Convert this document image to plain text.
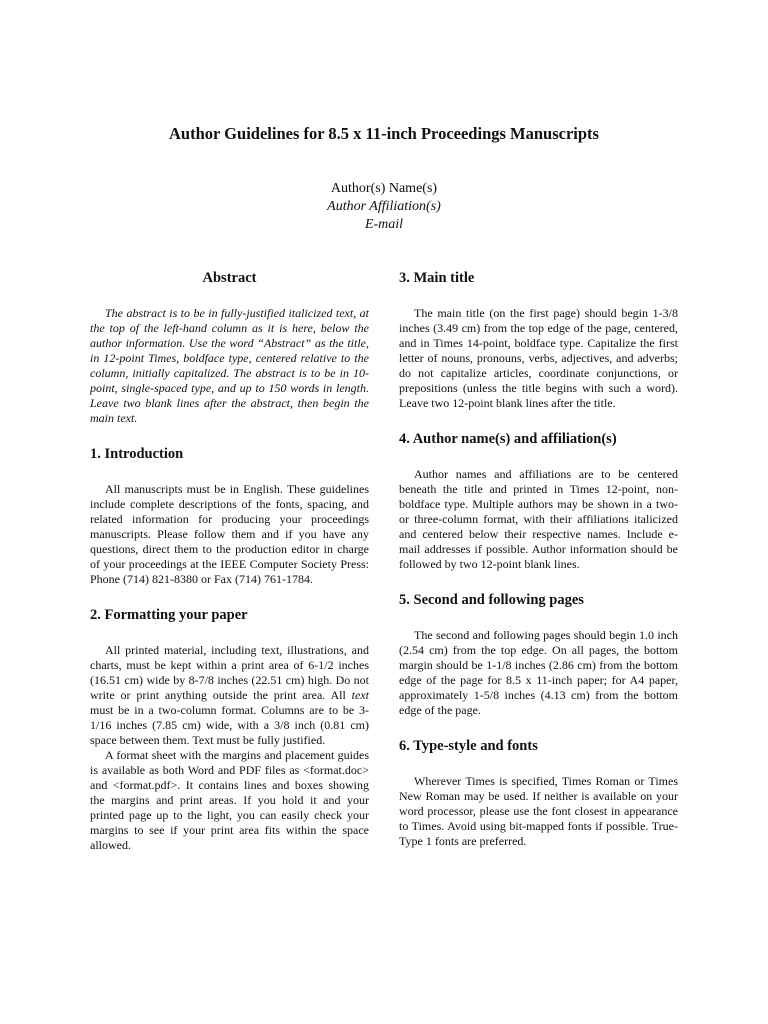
Author Guidelines for 8.5 x 11-inch Proceedings Manuscripts
Author(s) Name(s)
Author Affiliation(s)
E-mail
Abstract

The abstract is to be in fully-justified italicized text, at the top of the left-hand column as it is here, below the author information. Use the word “Abstract” as the title, in 12-point Times, boldface type, centered relative to the column, initially capitalized. The abstract is to be in 10-point, single-spaced type, and up to 150 words in length. Leave two blank lines after the abstract, then begin the main text.

1. Introduction

All manuscripts must be in English. These guidelines include complete descriptions of the fonts, spacing, and related information for producing your proceedings manuscripts. Please follow them and if you have any questions, direct them to the production editor in charge of your proceedings at the IEEE Computer Society Press: Phone (714) 821-8380 or Fax (714) 761-1784.

2. Formatting your paper

All printed material, including text, illustrations, and charts, must be kept within a print area of 6-1/2 inches (16.51 cm) wide by 8-7/8 inches (22.51 cm) high. Do not write or print anything outside the print area. All text must be in a two-column format. Columns are to be 3-1/16 inches (7.85 cm) wide, with a 3/8 inch (0.81 cm) space between them. Text must be fully justified.

A format sheet with the margins and placement guides is available as both Word and PDF files as <format.doc> and <format.pdf>. It contains lines and boxes showing the margins and print areas. If you hold it and your printed page up to the light, you can easily check your margins to see if your print area fits within the space allowed.

3. Main title

The main title (on the first page) should begin 1-3/8 inches (3.49 cm) from the top edge of the page, centered, and in Times 14-point, boldface type. Capitalize the first letter of nouns, pronouns, verbs, adjectives, and adverbs; do not capitalize articles, coordinate conjunctions, or prepositions (unless the title begins with such a word). Leave two 12-point blank lines after the title.

4. Author name(s) and affiliation(s)

Author names and affiliations are to be centered beneath the title and printed in Times 12-point, non-boldface type. Multiple authors may be shown in a two- or three-column format, with their affiliations italicized and centered below their respective names. Include e-mail addresses if possible. Author information should be followed by two 12-point blank lines.

5. Second and following pages

The second and following pages should begin 1.0 inch (2.54 cm) from the top edge. On all pages, the bottom margin should be 1-1/8 inches (2.86 cm) from the bottom edge of the page for 8.5 x 11-inch paper; for A4 paper, approximately 1-5/8 inches (4.13 cm) from the bottom edge of the page.

6. Type-style and fonts

Wherever Times is specified, Times Roman or Times New Roman may be used. If neither is available on your word processor, please use the font closest in appearance to Times. Avoid using bit-mapped fonts if possible. True-Type 1 fonts are preferred.
